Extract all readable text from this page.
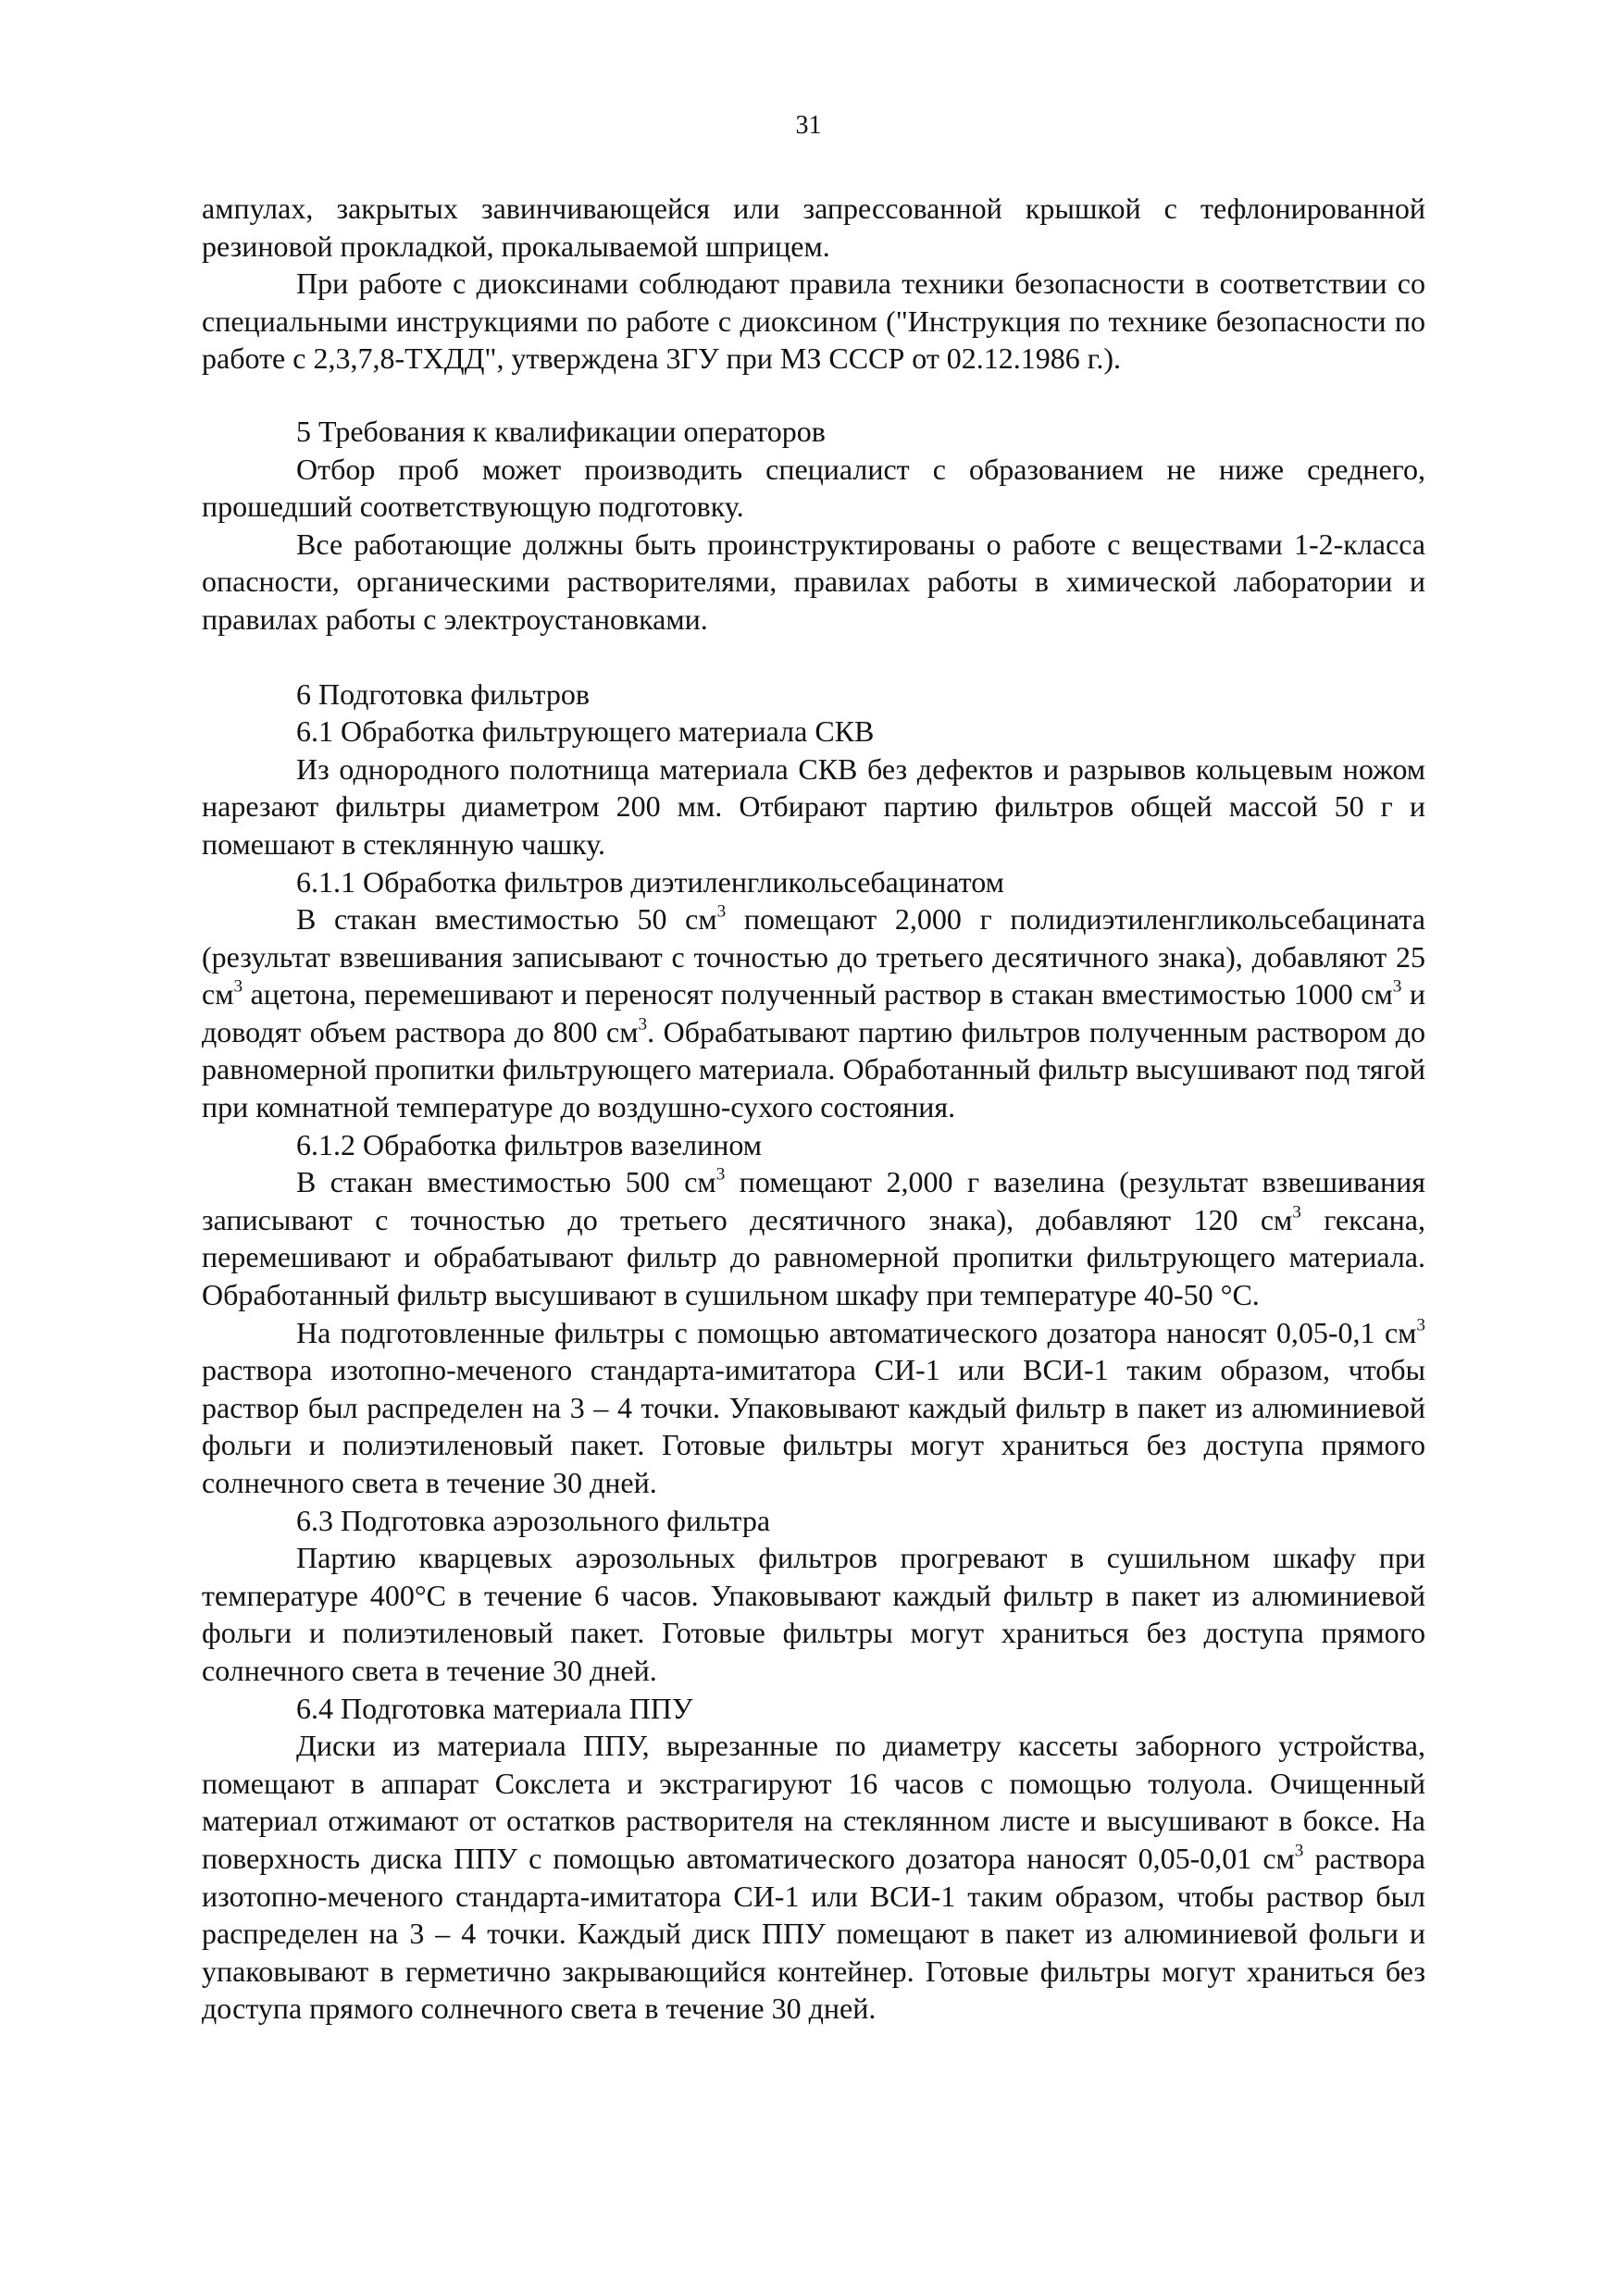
31

ампулах, закрытых завинчивающейся или запрессованной крышкой с тефлонированной резиновой прокладкой, прокалываемой шприцем.

При работе с диоксинами соблюдают правила техники безопасности в соответствии со специальными инструкциями по работе с диоксином ("Инструкция по технике безопасности по работе с 2,3,7,8-ТХДД", утверждена 3ГУ при МЗ СССР от 02.12.1986 г.).

5 Требования к квалификации операторов

Отбор проб может производить специалист с образованием не ниже среднего, прошедший соответствующую подготовку.

Все работающие должны быть проинструктированы о работе с веществами 1-2-класса опасности, органическими растворителями, правилах работы в химической лаборатории и правилах работы с электроустановками.

6 Подготовка фильтров

6.1 Обработка фильтрующего материала СКВ

Из однородного полотнища материала СКВ без дефектов и разрывов кольцевым ножом нарезают фильтры диаметром 200 мм. Отбирают партию фильтров общей массой 50 г и помешают в стеклянную чашку.

6.1.1 Обработка фильтров диэтиленгликольсебацинатом

В стакан вместимостью 50 $см^3$ помещают 2,000 г полидиэтиленгликольсебацината (результат взвешивания записывают с точностью до третьего десятичного знака), добавляют 25 $см^3$ ацетона, перемешивают и переносят полученный раствор в стакан вместимостью 1000 $см^3$ и доводят объем раствора до 800 $см^3$. Обрабатывают партию фильтров полученным раствором до равномерной пропитки фильтрующего материала. Обработанный фильтр высушивают под тягой при комнатной температуре до воздушно-сухого состояния.

6.1.2 Обработка фильтров вазелином

В стакан вместимостью 500 $см^3$ помещают 2,000 г вазелина (результат взвешивания записывают с точностью до третьего десятичного знака), добавляют 120 $см^3$ гексана, перемешивают и обрабатывают фильтр до равномерной пропитки фильтрующего материала. Обработанный фильтр высушивают в сушильном шкафу при температуре 40-50 °С.

На подготовленные фильтры с помощью автоматического дозатора наносят 0,05-0,1 $см^3$ раствора изотопно-меченого стандарта-имитатора СИ-1 или ВСИ-1 таким образом, чтобы раствор был распределен на 3 – 4 точки. Упаковывают каждый фильтр в пакет из алюминиевой фольги и полиэтиленовый пакет. Готовые фильтры могут храниться без доступа прямого солнечного света в течение 30 дней.

6.3 Подготовка аэрозольного фильтра

Партию кварцевых аэрозольных фильтров прогревают в сушильном шкафу при температуре 400°С в течение 6 часов. Упаковывают каждый фильтр в пакет из алюминиевой фольги и полиэтиленовый пакет. Готовые фильтры могут храниться без доступа прямого солнечного света в течение 30 дней.

6.4 Подготовка материала ППУ

Диски из материала ППУ, вырезанные по диаметру кассеты заборного устройства, помещают в аппарат Сокслета и экстрагируют 16 часов с помощью толуола. Очищенный материал отжимают от остатков растворителя на стеклянном листе и высушивают в боксе. На поверхность диска ППУ с помощью автоматического дозатора наносят 0,05-0,01 $см^3$ раствора изотопно-меченого стандарта-имитатора СИ-1 или ВСИ-1 таким образом, чтобы раствор был распределен на 3 – 4 точки. Каждый диск ППУ помещают в пакет из алюминиевой фольги и упаковывают в герметично закрывающийся контейнер. Готовые фильтры могут храниться без доступа прямого солнечного света в течение 30 дней.
